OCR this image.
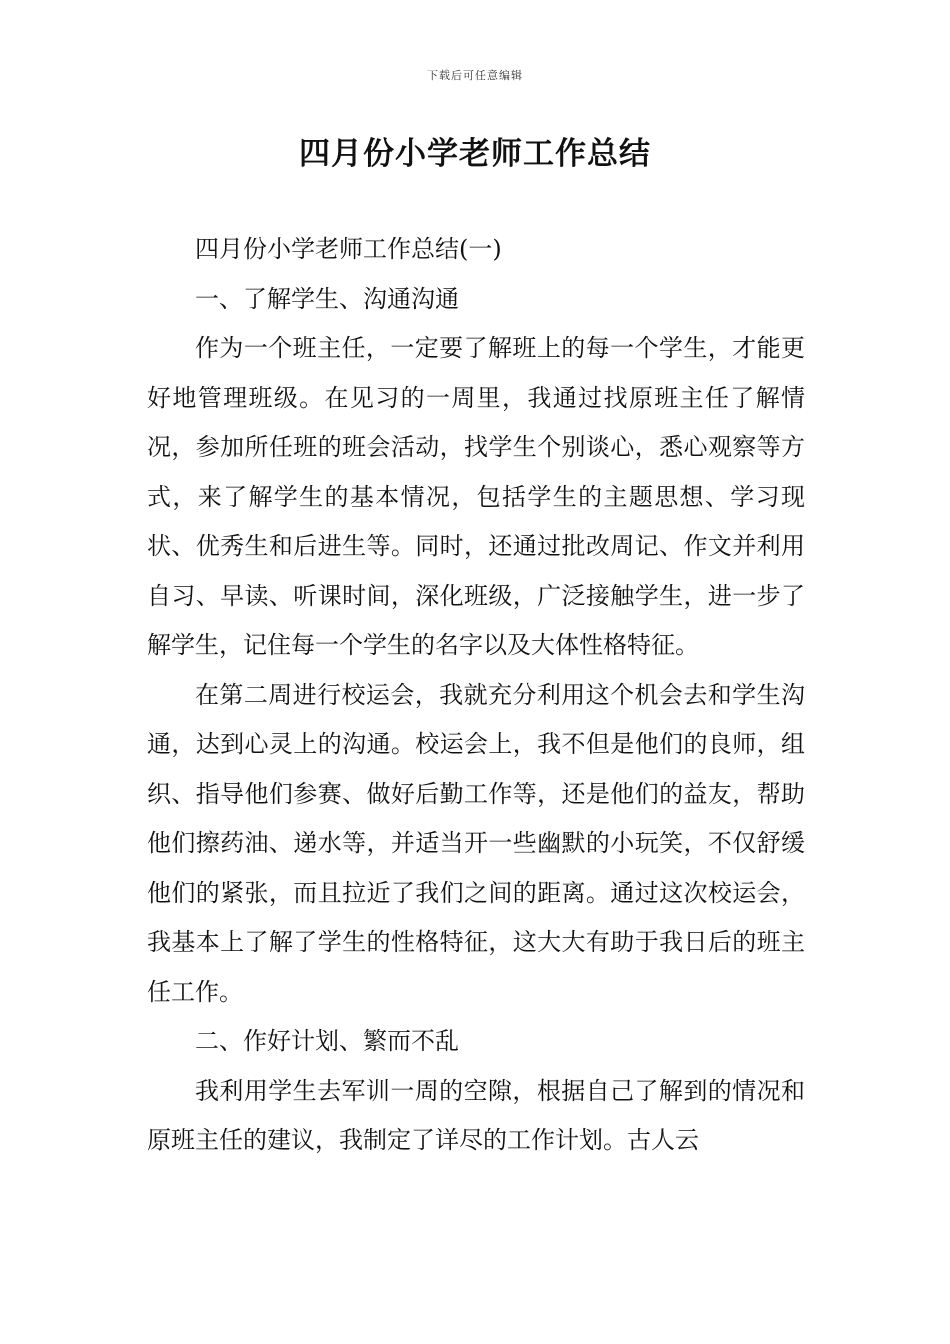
下载后可任意编辑
四月份小学老师工作总结

四月份小学老师工作总结(一)

一、了解学生、沟通沟通

作为一个班主任，一定要了解班上的每一个学生，才能更好地管理班级。在见习的一周里，我通过找原班主任了解情况，参加所任班的班会活动，找学生个别谈心，悉心观察等方式，来了解学生的基本情况，包括学生的主题思想、学习现状、优秀生和后进生等。同时，还通过批改周记、作文并利用自习、早读、听课时间，深化班级，广泛接触学生，进一步了解学生，记住每一个学生的名字以及大体性格特征。

在第二周进行校运会，我就充分利用这个机会去和学生沟通，达到心灵上的沟通。校运会上，我不但是他们的良师，组织、指导他们参赛、做好后勤工作等，还是他们的益友，帮助他们擦药油、递水等，并适当开一些幽默的小玩笑，不仅舒缓他们的紧张，而且拉近了我们之间的距离。通过这次校运会，我基本上了解了学生的性格特征，这大大有助于我日后的班主任工作。

二、作好计划、繁而不乱

我利用学生去军训一周的空隙，根据自己了解到的情况和原班主任的建议，我制定了详尽的工作计划。古人云
